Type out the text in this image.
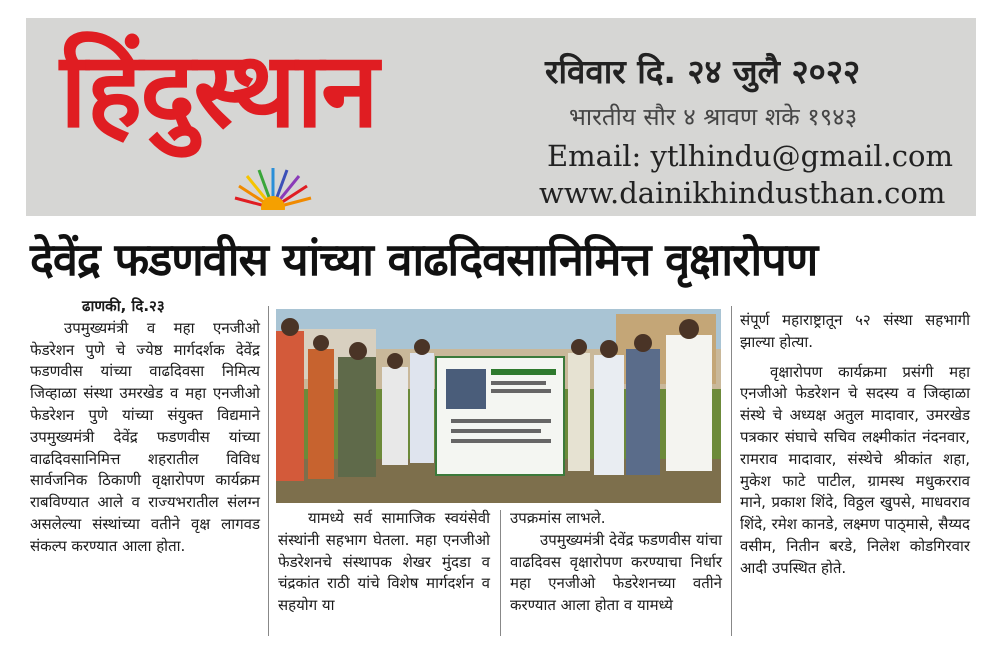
हिंदुस्थान	रविवार दि. २४ जुलै २०२२
भारतीय सौर ४ श्रावण शके १९४३
Email: ytlhindu@gmail.com
www.dainikhindusthan.com
देवेंद्र फडणवीस यांच्या वाढदिवसानिमित्त वृक्षारोपण

ढाणकी, दि.२३

उपमुख्यमंत्री व महा एनजीओ फेडरेशन पुणे चे ज्येष्ठ मार्गदर्शक देवेंद्र फडणवीस यांच्या वाढदिवसा निमित्य जिव्हाळा संस्था उमरखेड व महा एनजीओ फेडरेशन पुणे यांच्या संयुक्त विद्यमाने उपमुख्यमंत्री देवेंद्र फडणवीस यांच्या वाढदिवसानिमित्त शहरातील विविध सार्वजनिक ठिकाणी वृक्षारोपण कार्यक्रम राबविण्यात आले व राज्यभरातील संलग्न असलेल्या संस्थांच्या वतीने वृक्ष लागवड संकल्प करण्यात आला होता.

यामध्ये सर्व सामाजिक स्वयंसेवी संस्थांनी सहभाग घेतला. महा एनजीओ फेडरेशनचे संस्थापक शेखर मुंदडा व चंद्रकांत राठी यांचे विशेष मार्गदर्शन व सहयोग या

उपक्रमांस लाभले.

उपमुख्यमंत्री देवेंद्र फडणवीस यांचा वाढदिवस वृक्षारोपण करण्याचा निर्धार महा एनजीओ फेडरेशनच्या वतीने करण्यात आला होता व यामध्ये

संपूर्ण महाराष्ट्रातून ५२ संस्था सहभागी झाल्या होत्या.

वृक्षारोपण कार्यक्रमा प्रसंगी महा एनजीओ फेडरेशन चे सदस्य व जिव्हाळा संस्थे चे अध्यक्ष अतुल मादावार, उमरखेड पत्रकार संघाचे सचिव लक्ष्मीकांत नंदनवार, रामराव मादावार, संस्थेचे श्रीकांत शहा, मुकेश फाटे पाटील, ग्रामस्थ मधुकरराव माने, प्रकाश शिंदे, विठ्ठल खुपसे, माधवराव शिंदे, रमेश कानडे, लक्ष्मण पाठ्मासे, सैय्यद वसीम, नितीन बरडे, निलेश कोडगिरवार आदी उपस्थित होते.
